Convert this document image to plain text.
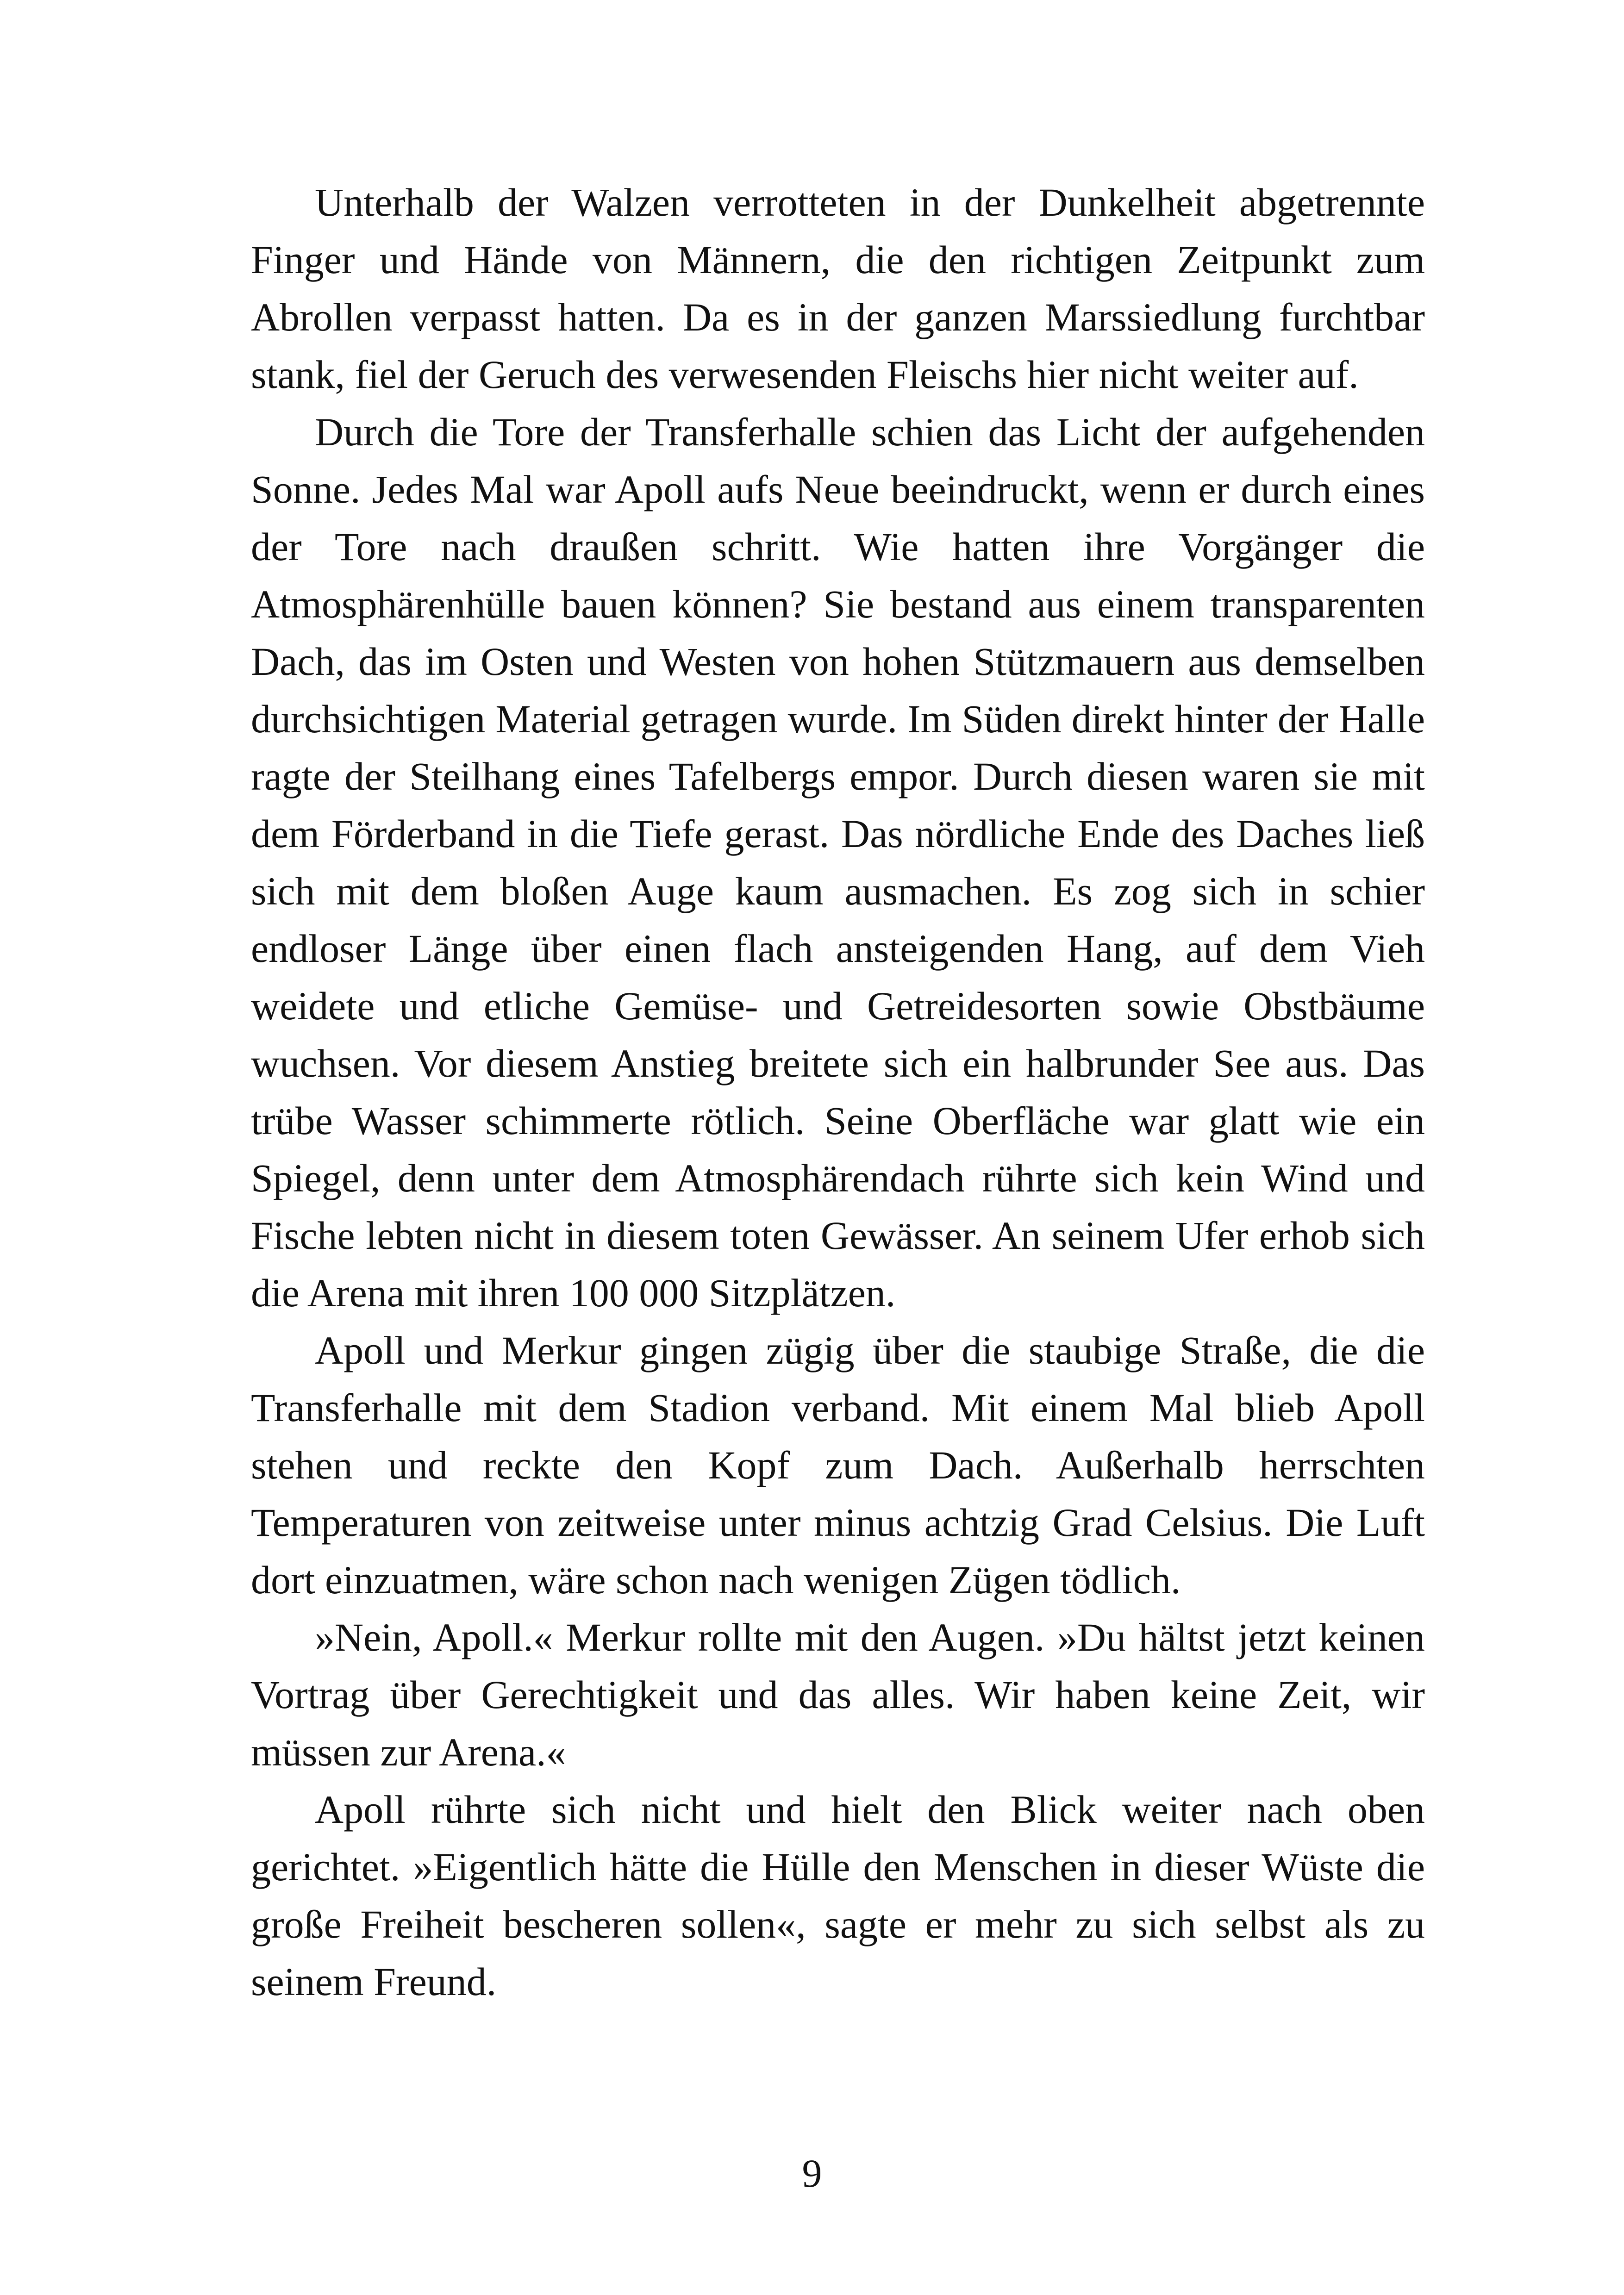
Unterhalb der Walzen verrotteten in der Dunkelheit abgetrennte Finger und Hände von Männern, die den richtigen Zeitpunkt zum Abrollen verpasst hatten. Da es in der ganzen Marssiedlung furchtbar stank, fiel der Geruch des verwesenden Fleischs hier nicht weiter auf.

Durch die Tore der Transferhalle schien das Licht der aufgehenden Sonne. Jedes Mal war Apoll aufs Neue beeindruckt, wenn er durch eines der Tore nach draußen schritt. Wie hatten ihre Vorgänger die Atmosphärenhülle bauen können? Sie bestand aus einem transparenten Dach, das im Osten und Westen von hohen Stützmauern aus demselben durchsichtigen Material getragen wurde. Im Süden direkt hinter der Halle ragte der Steilhang eines Tafelbergs empor. Durch diesen waren sie mit dem Förderband in die Tiefe gerast. Das nördliche Ende des Daches ließ sich mit dem bloßen Auge kaum ausmachen. Es zog sich in schier endloser Länge über einen flach ansteigenden Hang, auf dem Vieh weidete und etliche Gemüse- und Getreidesorten sowie Obstbäume wuchsen. Vor diesem Anstieg breitete sich ein halbrunder See aus. Das trübe Wasser schimmerte rötlich. Seine Oberfläche war glatt wie ein Spiegel, denn unter dem Atmosphärendach rührte sich kein Wind und Fische lebten nicht in diesem toten Gewässer. An seinem Ufer erhob sich die Arena mit ihren 100 000 Sitzplätzen.

Apoll und Merkur gingen zügig über die staubige Straße, die die Transferhalle mit dem Stadion verband. Mit einem Mal blieb Apoll stehen und reckte den Kopf zum Dach. Außerhalb herrschten Temperaturen von zeitweise unter minus achtzig Grad Celsius. Die Luft dort einzuatmen, wäre schon nach wenigen Zügen tödlich.

»Nein, Apoll.« Merkur rollte mit den Augen. »Du hältst jetzt keinen Vortrag über Gerechtigkeit und das alles. Wir haben keine Zeit, wir müssen zur Arena.«

Apoll rührte sich nicht und hielt den Blick weiter nach oben gerichtet. »Eigentlich hätte die Hülle den Menschen in dieser Wüste die große Freiheit bescheren sollen«, sagte er mehr zu sich selbst als zu seinem Freund.

9
